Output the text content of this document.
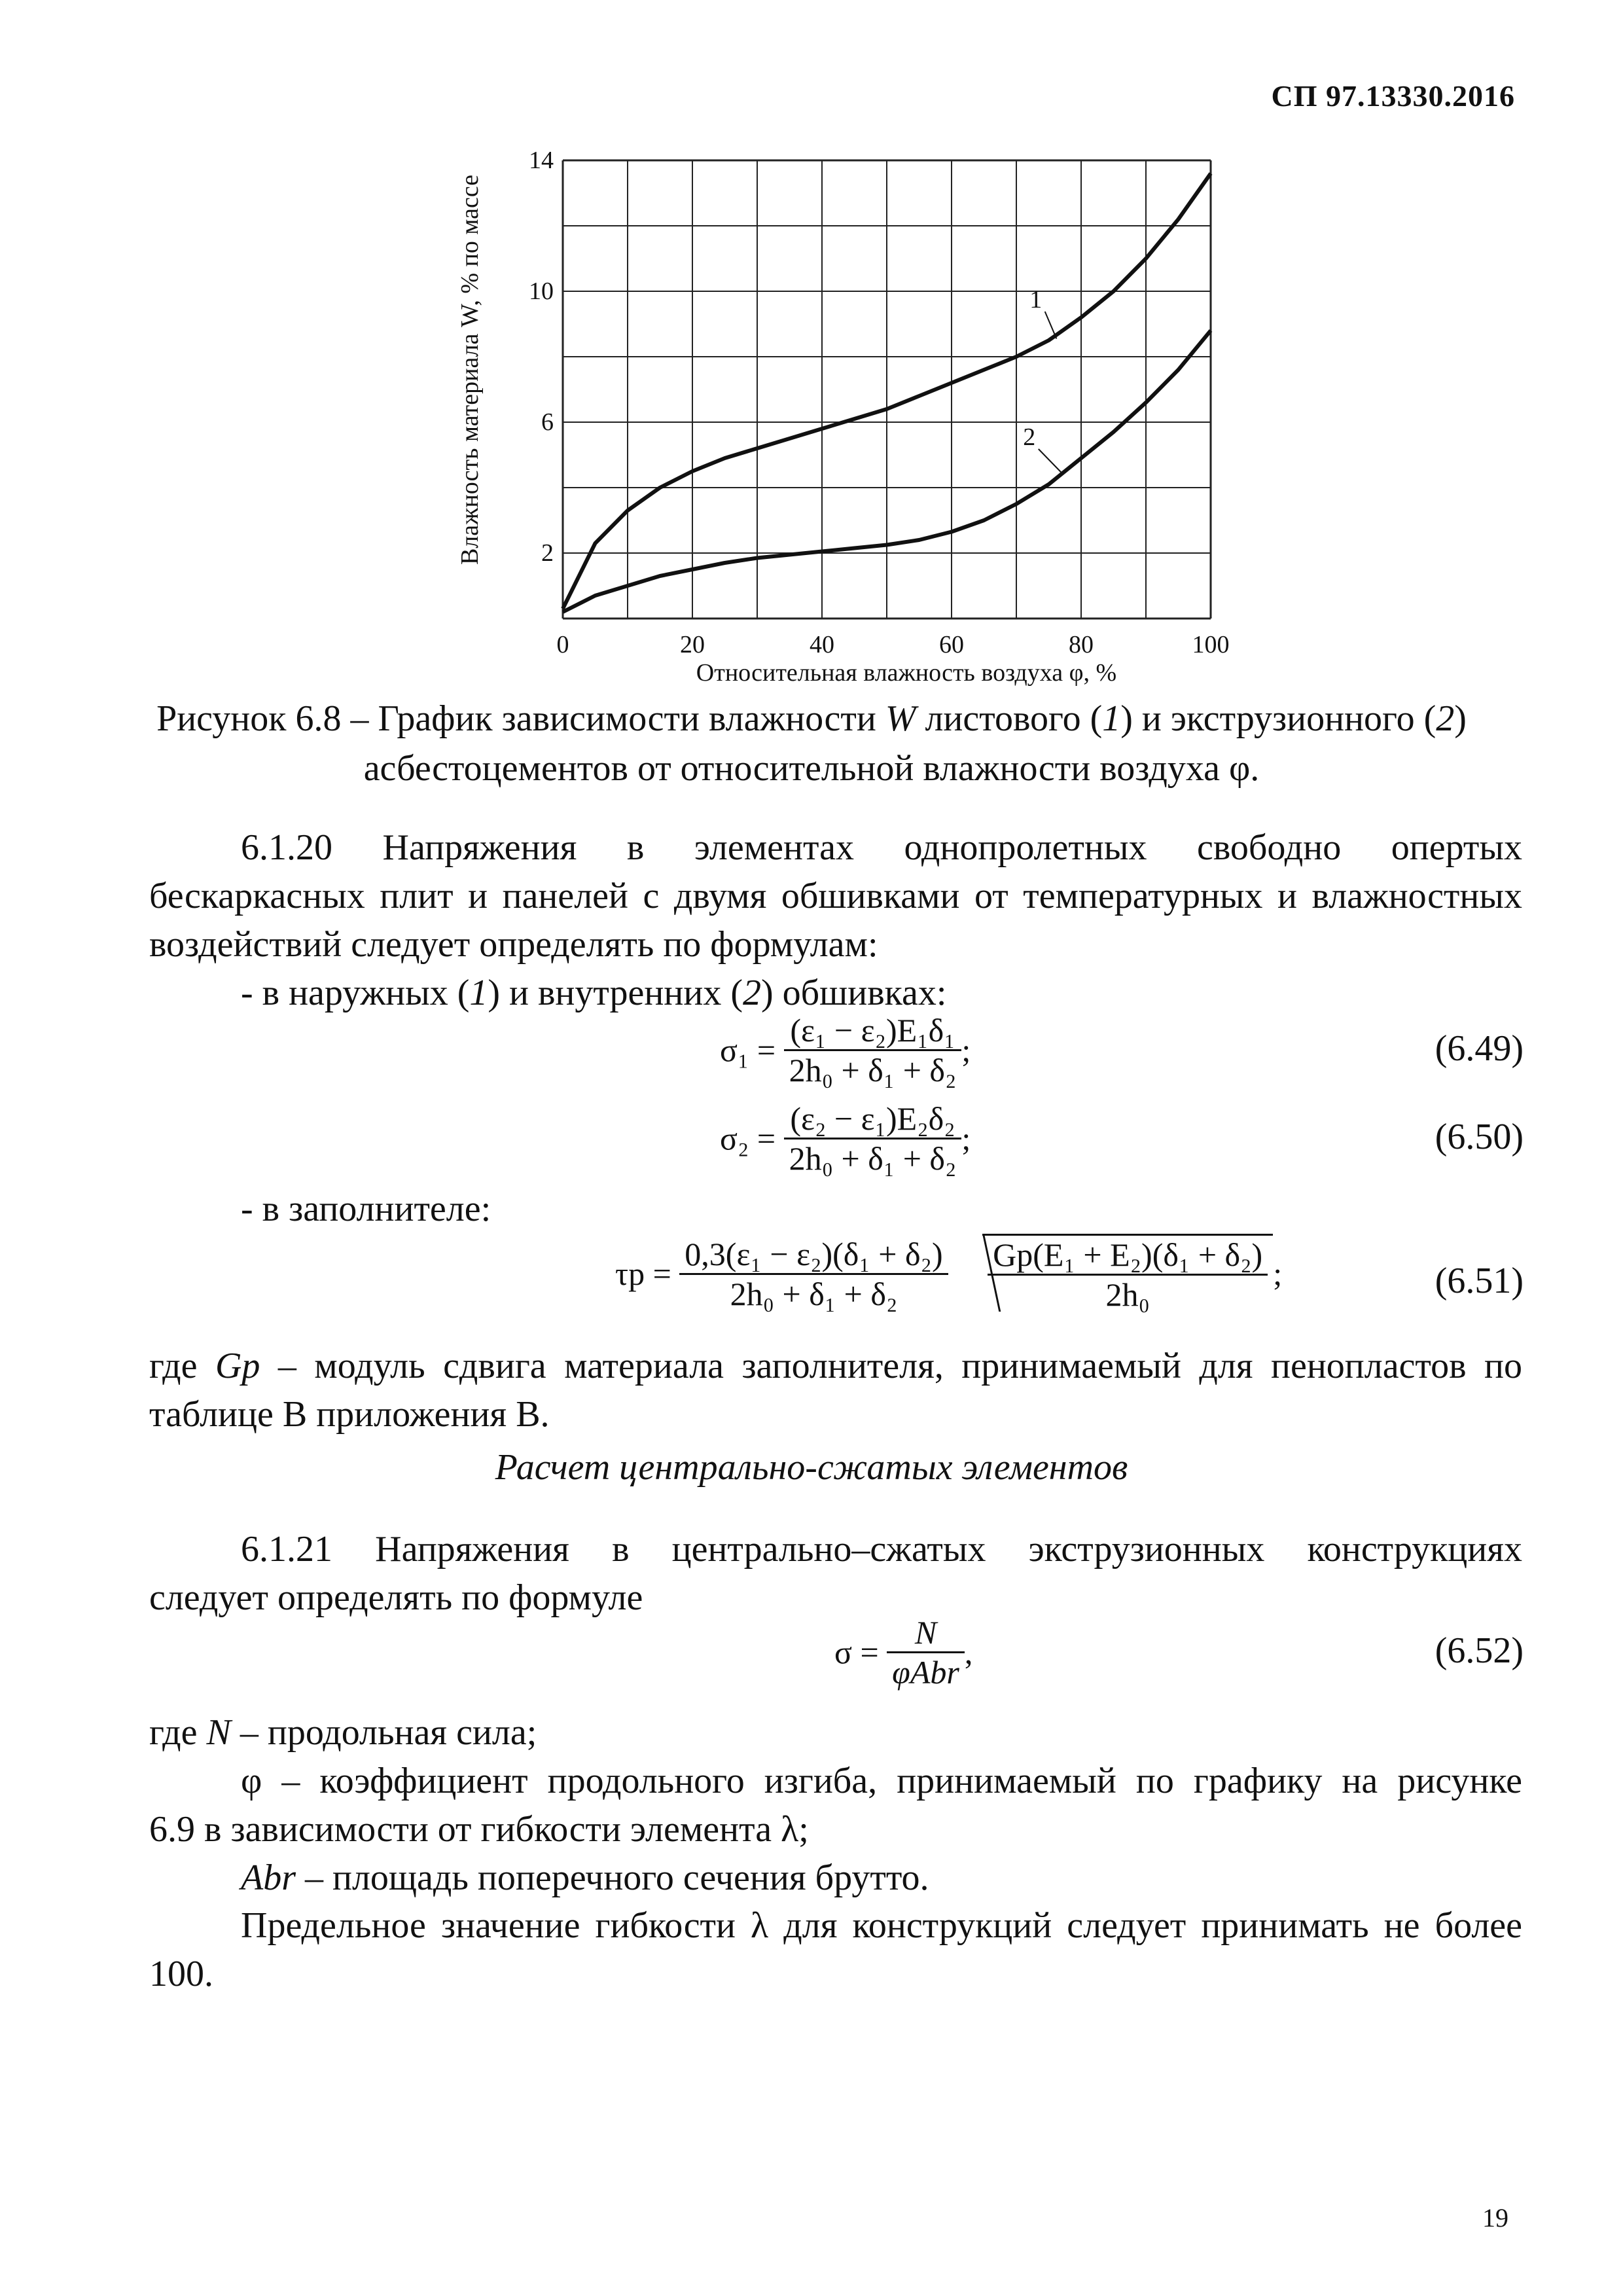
СП 97.13330.2016
0	20	40	60	80	100
2
6
10
14
1
2
Влажность материала W, % по массе
Относительная влажность воздуха φ, %
Рисунок 6.8 – График зависимости влажности W листового (1) и экструзионного (2)
асбестоцементов от относительной влажности воздуха φ.
6.1.20 Напряжения в элементах однопролетных свободно опертых
бескаркасных плит и панелей с двумя обшивками от температурных и влажностных
воздействий следует определять по формулам:
- в наружных (1) и внутренних (2) обшивках:
$\sigma_1 = \frac{\text{(ε₁ − ε₂)E₁δ₁}}{\text{2h₀ + δ₁ + δ₂}}$ ;	(6.49)
$\sigma_2 = \frac{\text{(ε₂ − ε₁)E₂δ₂}}{\text{2h₀ + δ₁ + δ₂}}$ ;	(6.50)
- в заполнителе:
$\tau p = \frac{\text{0,3(ε₁ − ε₂)(δ₁ + δ₂)}}{\text{2h₀ + δ₁ + δ₂}}$
$\frac{\text{Gp(E₁ + E₂)(δ₁ + δ₂)}}{\text{2h₀}}$ ;	(6.51)
где Gp – модуль сдвига материала заполнителя, принимаемый для пенопластов по
таблице В приложения В.
Расчет центрально-сжатых элементов
6.1.21 Напряжения в центрально–сжатых экструзионных конструкциях
следует определять по формуле
$\sigma = \frac{N}{\text{φAbr}}$ ,	(6.52)
где N – продольная сила;
φ – коэффициент продольного изгиба, принимаемый по графику на рисунке
6.9 в зависимости от гибкости элемента λ;
Abr – площадь поперечного сечения брутто.
Предельное значение гибкости λ для конструкций следует принимать не более
100.
19
